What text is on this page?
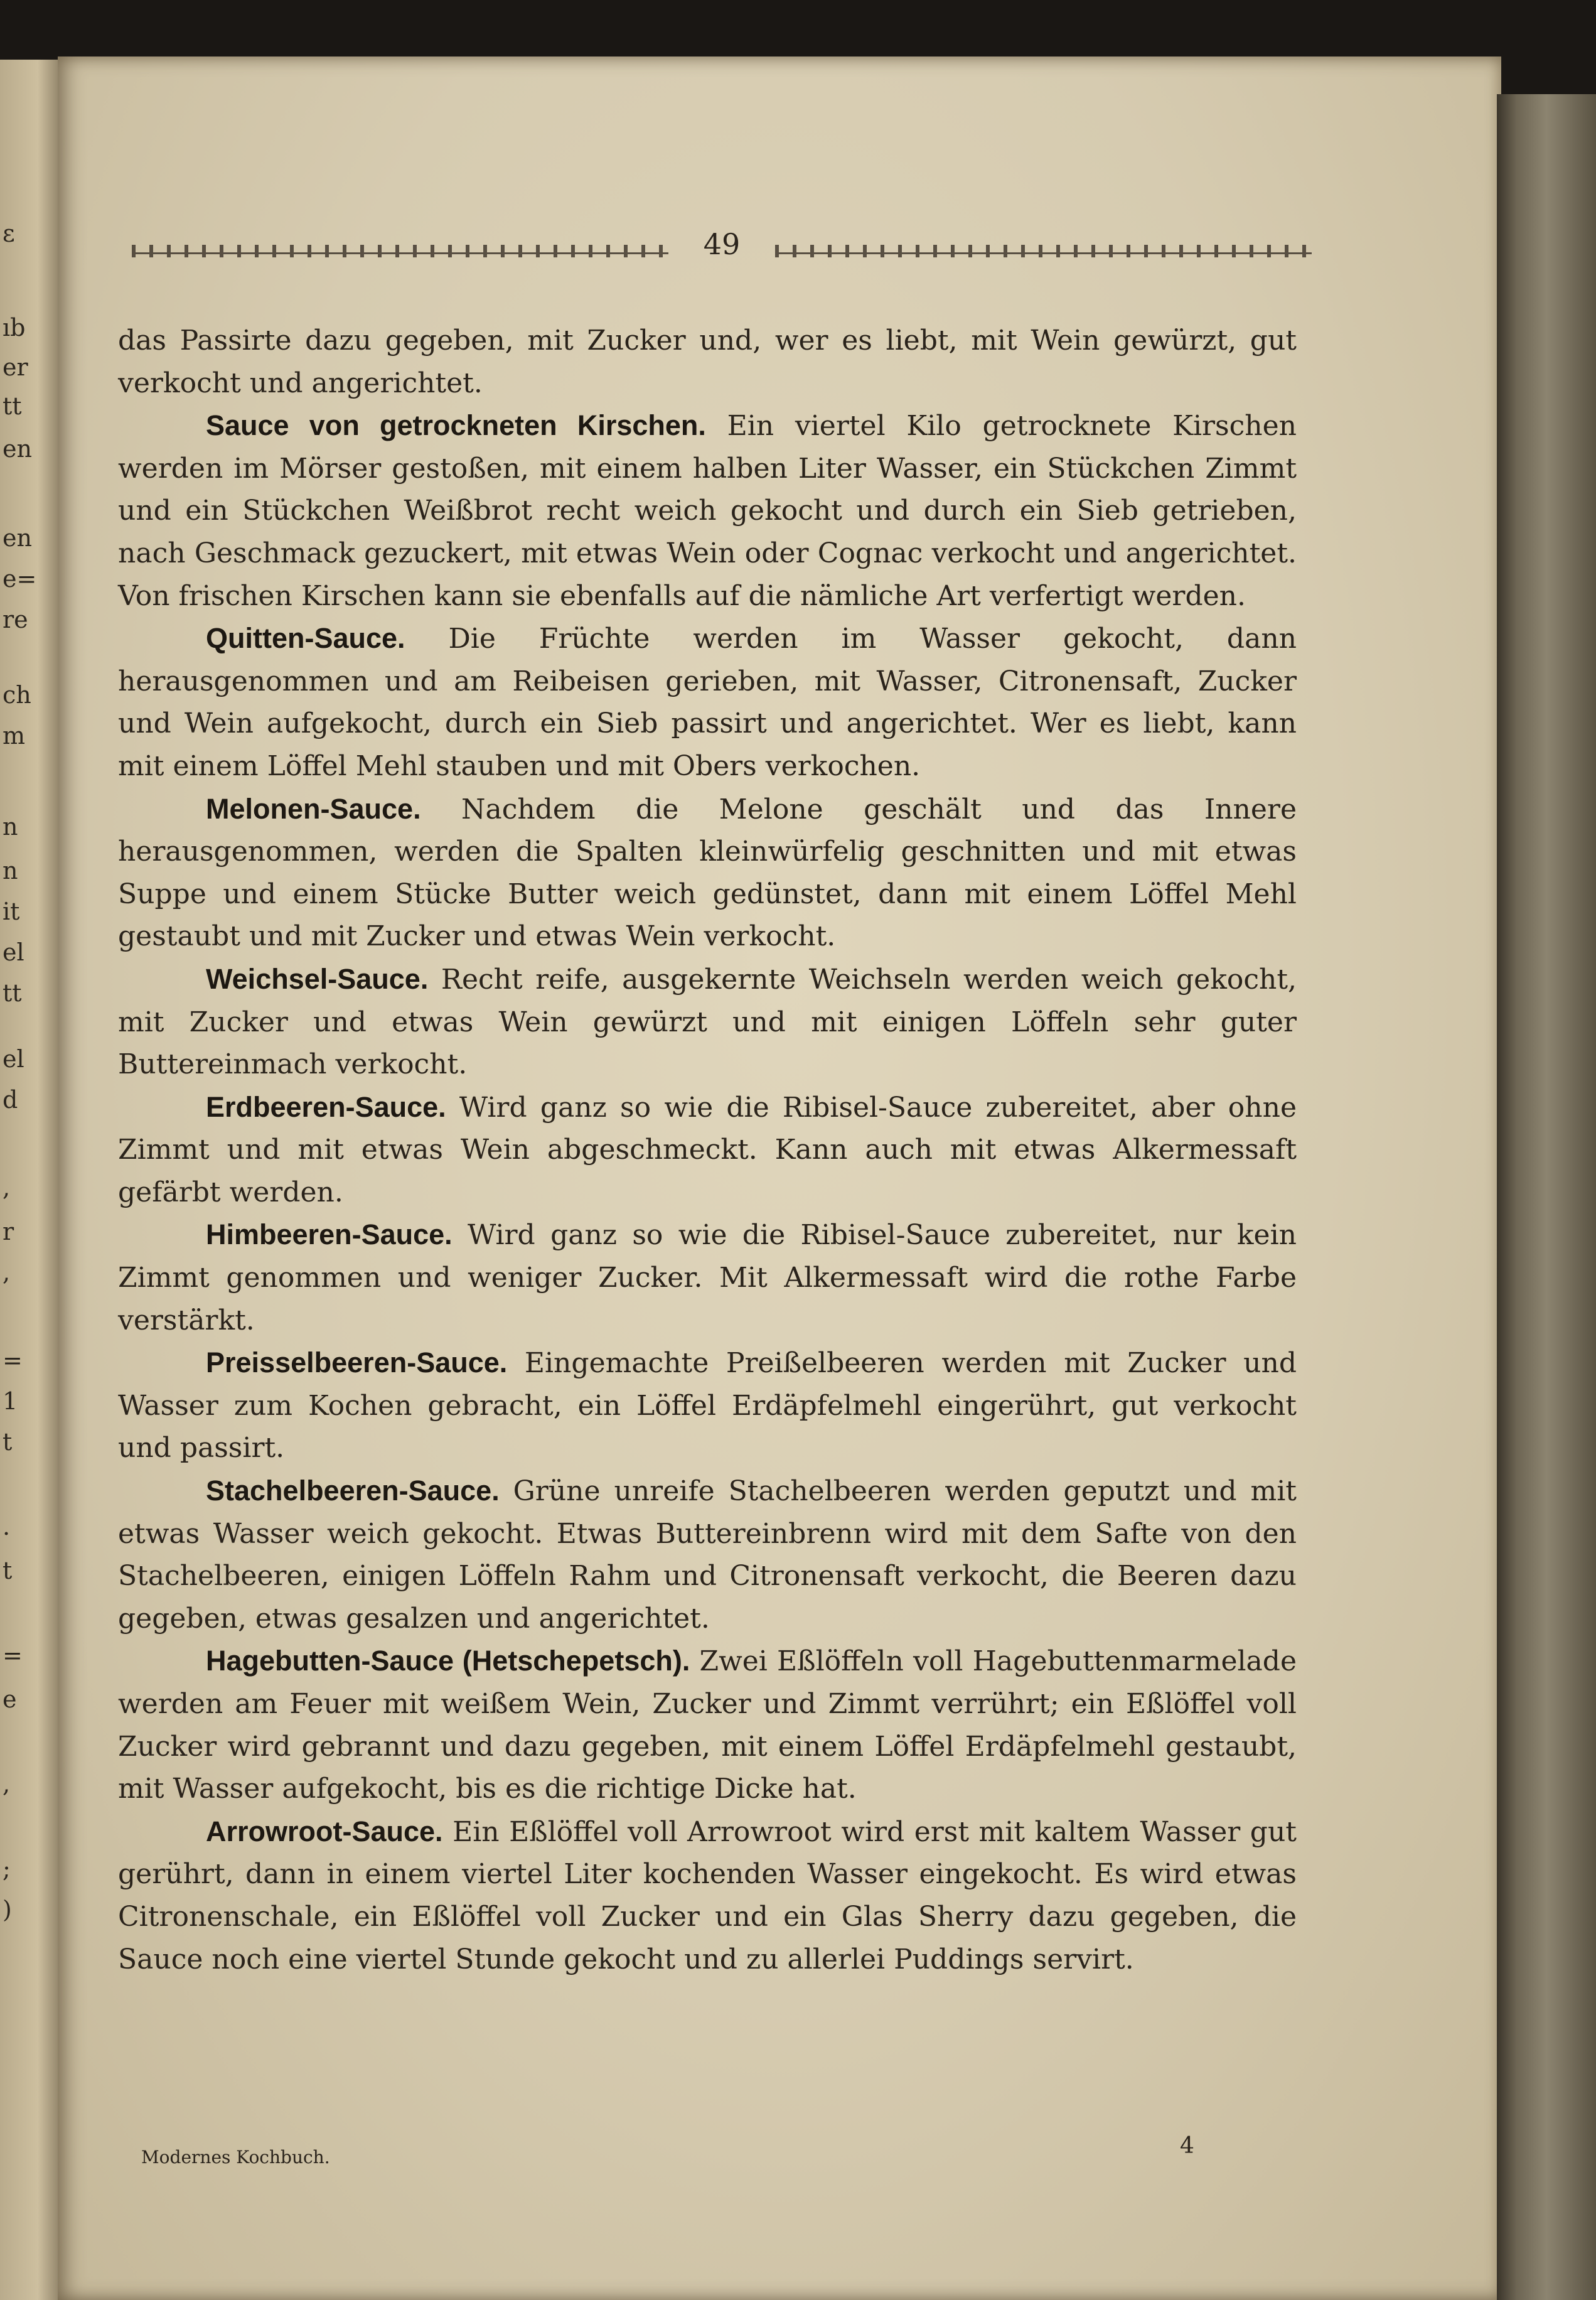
ɛ
ıb
er
tt
en
en
e=
re
ch
m
n
n
it
el
tt
el
d
,
r
,
=
1
t
.
t
=
e
,
;
)
49

das Passirte dazu gegeben, mit Zucker und, wer es liebt, mit Wein gewürzt, gut verkocht und angerichtet.

Sauce von getrockneten Kirschen. Ein viertel Kilo getrocknete Kirschen werden im Mörser gestoßen, mit einem halben Liter Wasser, ein Stückchen Zimmt und ein Stückchen Weißbrot recht weich gekocht und durch ein Sieb getrieben, nach Geschmack gezuckert, mit etwas Wein oder Cognac verkocht und angerichtet. Von frischen Kirschen kann sie ebenfalls auf die nämliche Art verfertigt werden.

Quitten-Sauce. Die Früchte werden im Wasser gekocht, dann herausgenommen und am Reibeisen gerieben, mit Wasser, Citronensaft, Zucker und Wein aufgekocht, durch ein Sieb passirt und angerichtet. Wer es liebt, kann mit einem Löffel Mehl stauben und mit Obers verkochen.

Melonen-Sauce. Nachdem die Melone geschält und das Innere herausgenommen, werden die Spalten kleinwürfelig geschnitten und mit etwas Suppe und einem Stücke Butter weich gedünstet, dann mit einem Löffel Mehl gestaubt und mit Zucker und etwas Wein verkocht.

Weichsel-Sauce. Recht reife, ausgekernte Weichseln werden weich gekocht, mit Zucker und etwas Wein gewürzt und mit einigen Löffeln sehr guter Buttereinmach verkocht.

Erdbeeren-Sauce. Wird ganz so wie die Ribisel-Sauce zubereitet, aber ohne Zimmt und mit etwas Wein abgeschmeckt. Kann auch mit etwas Alkermessaft gefärbt werden.

Himbeeren-Sauce. Wird ganz so wie die Ribisel-Sauce zubereitet, nur kein Zimmt genommen und weniger Zucker. Mit Alkermessaft wird die rothe Farbe verstärkt.

Preisselbeeren-Sauce. Eingemachte Preißelbeeren werden mit Zucker und Wasser zum Kochen gebracht, ein Löffel Erdäpfelmehl eingerührt, gut verkocht und passirt.

Stachelbeeren-Sauce. Grüne unreife Stachelbeeren werden geputzt und mit etwas Wasser weich gekocht. Etwas Buttereinbrenn wird mit dem Safte von den Stachelbeeren, einigen Löffeln Rahm und Citronensaft verkocht, die Beeren dazu gegeben, etwas gesalzen und angerichtet.

Hagebutten-Sauce (Hetschepetsch). Zwei Eßlöffeln voll Hagebuttenmarmelade werden am Feuer mit weißem Wein, Zucker und Zimmt verrührt; ein Eßlöffel voll Zucker wird gebrannt und dazu gegeben, mit einem Löffel Erdäpfelmehl gestaubt, mit Wasser aufgekocht, bis es die richtige Dicke hat.

Arrowroot-Sauce. Ein Eßlöffel voll Arrowroot wird erst mit kaltem Wasser gut gerührt, dann in einem viertel Liter kochenden Wasser eingekocht. Es wird etwas Citronenschale, ein Eßlöffel voll Zucker und ein Glas Sherry dazu gegeben, die Sauce noch eine viertel Stunde gekocht und zu allerlei Puddings servirt.

Modernes Kochbuch.	4
